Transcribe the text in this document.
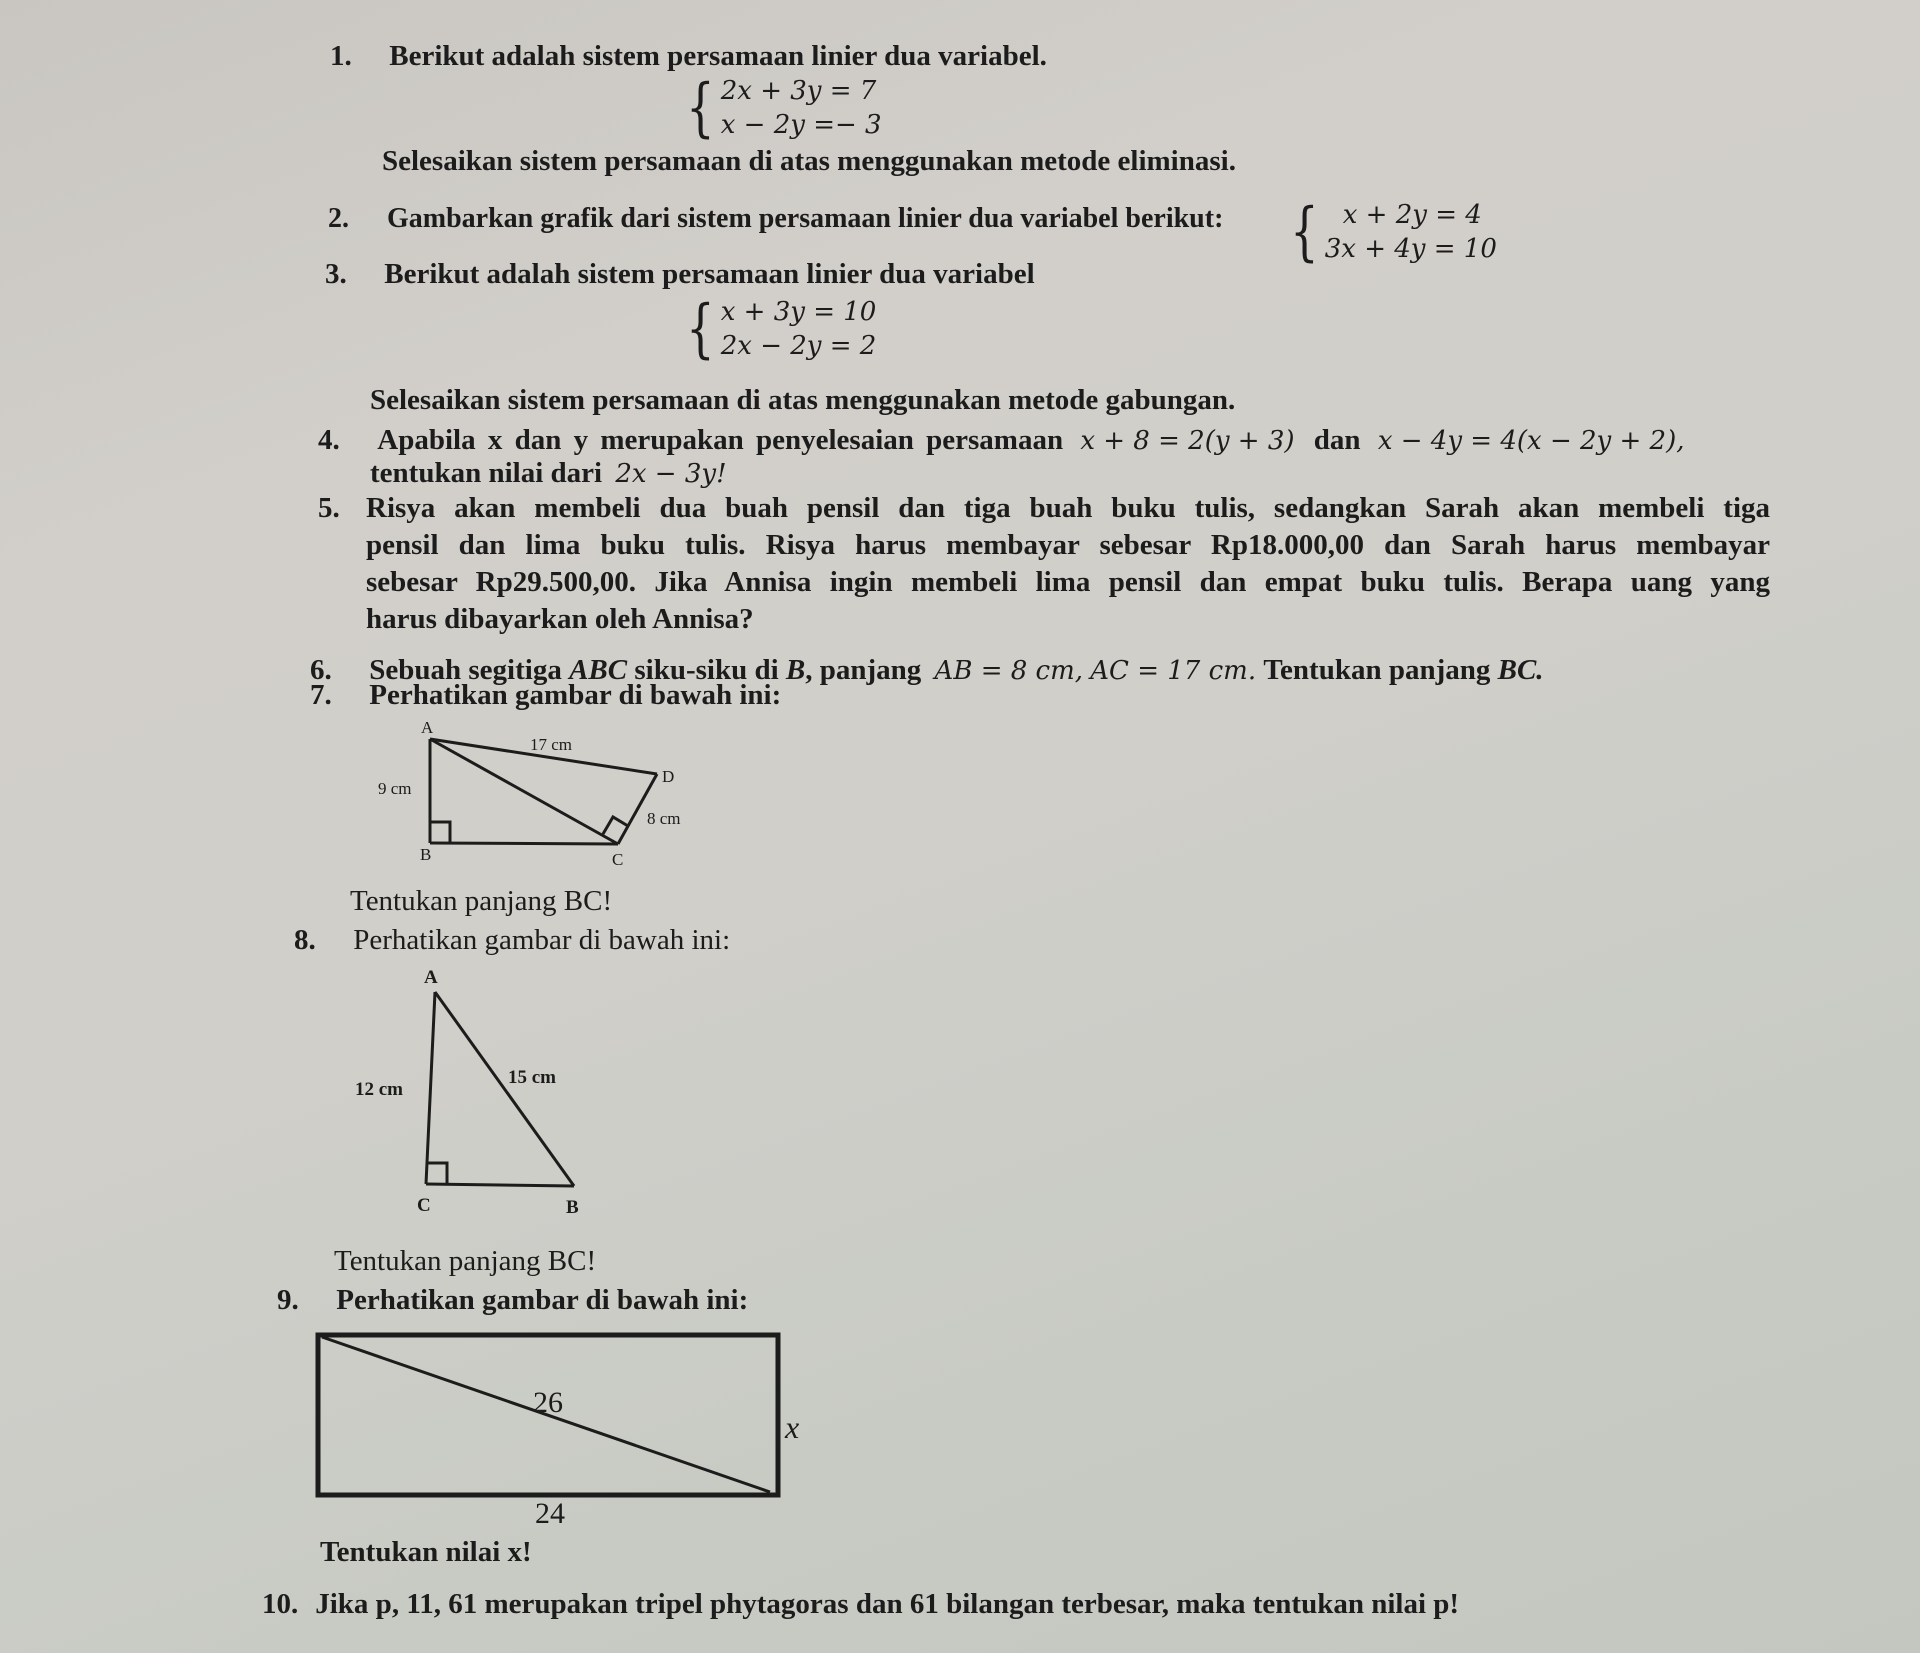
1. Berikut adalah sistem persamaan linier dua variabel.
{ 2x + 3y = 7
x − 2y =− 3
Selesaikan sistem persamaan di atas menggunakan metode eliminasi.
2. Gambarkan grafik dari sistem persamaan linier dua variabel berikut: { x + 2y = 4
3x + 4y = 10
3. Berikut adalah sistem persamaan linier dua variabel
{ x + 3y = 10
2x − 2y = 2
Selesaikan sistem persamaan di atas menggunakan metode gabungan.
4. Apabila x dan y merupakan penyelesaian persamaan x + 8 = 2(y + 3) dan x − 4y = 4(x − 2y + 2),
tentukan nilai dari 2x − 3y!
5. Risya akan membeli dua buah pensil dan tiga buah buku tulis, sedangkan Sarah akan membeli tiga
pensil dan lima buku tulis. Risya harus membayar sebesar Rp18.000,00 dan Sarah harus membayar
sebesar Rp29.500,00. Jika Annisa ingin membeli lima pensil dan empat buku tulis. Berapa uang yang
harus dibayarkan oleh Annisa?
6. Sebuah segitiga ABC siku-siku di B, panjang AB = 8 cm, AC = 17 cm. Tentukan panjang BC.
7. Perhatikan gambar di bawah ini:
A
B	C
D
9 cm
17 cm
8 cm
Tentukan panjang BC!
8. Perhatikan gambar di bawah ini:
A
C	B
12 cm
15 cm
Tentukan panjang BC!
9. Perhatikan gambar di bawah ini:
26
24
x
Tentukan nilai x!
10. Jika p, 11, 61 merupakan tripel phytagoras dan 61 bilangan terbesar, maka tentukan nilai p!
